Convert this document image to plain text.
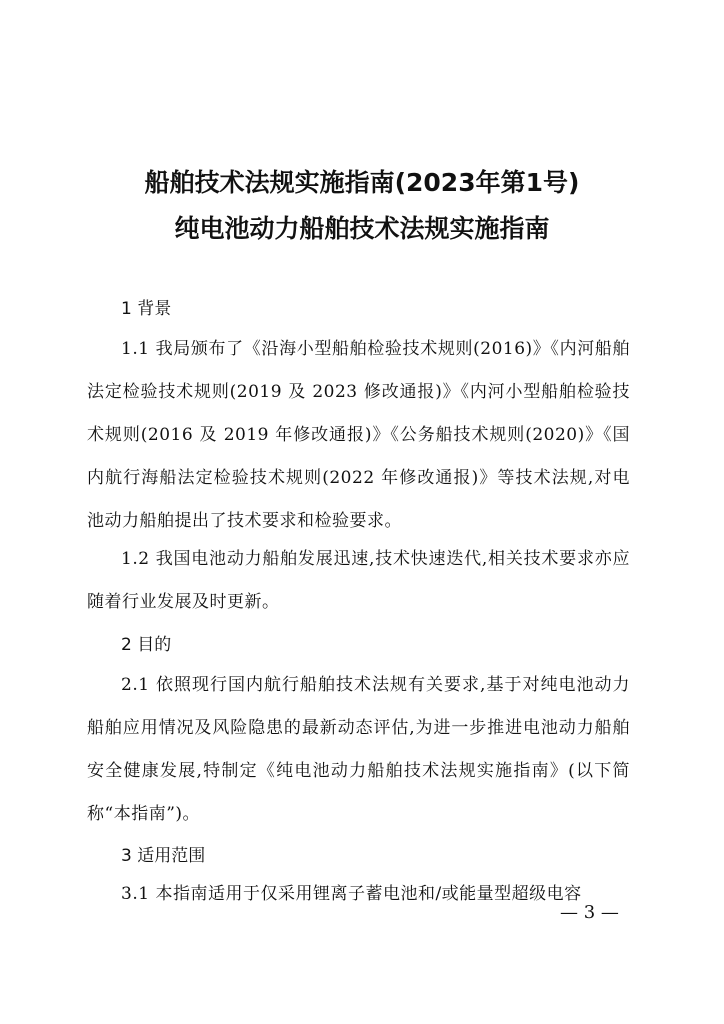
船舶技术法规实施指南(2023年第1号)
纯电池动力船舶技术法规实施指南
1 背景
1.1 我局颁布了《沿海小型船舶检验技术规则(2016)》《内河船舶法定检验技术规则(2019 及 2023 修改通报)》《内河小型船舶检验技术规则(2016 及 2019 年修改通报)》《公务船技术规则(2020)》《国内航行海船法定检验技术规则(2022 年修改通报)》等技术法规,对电池动力船舶提出了技术要求和检验要求。
1.2 我国电池动力船舶发展迅速,技术快速迭代,相关技术要求亦应随着行业发展及时更新。
2 目的
2.1 依照现行国内航行船舶技术法规有关要求,基于对纯电池动力船舶应用情况及风险隐患的最新动态评估,为进一步推进电池动力船舶安全健康发展,特制定《纯电池动力船舶技术法规实施指南》(以下简称“本指南”)。
3 适用范围
3.1 本指南适用于仅采用锂离子蓄电池和/或能量型超级电容
— 3 —
